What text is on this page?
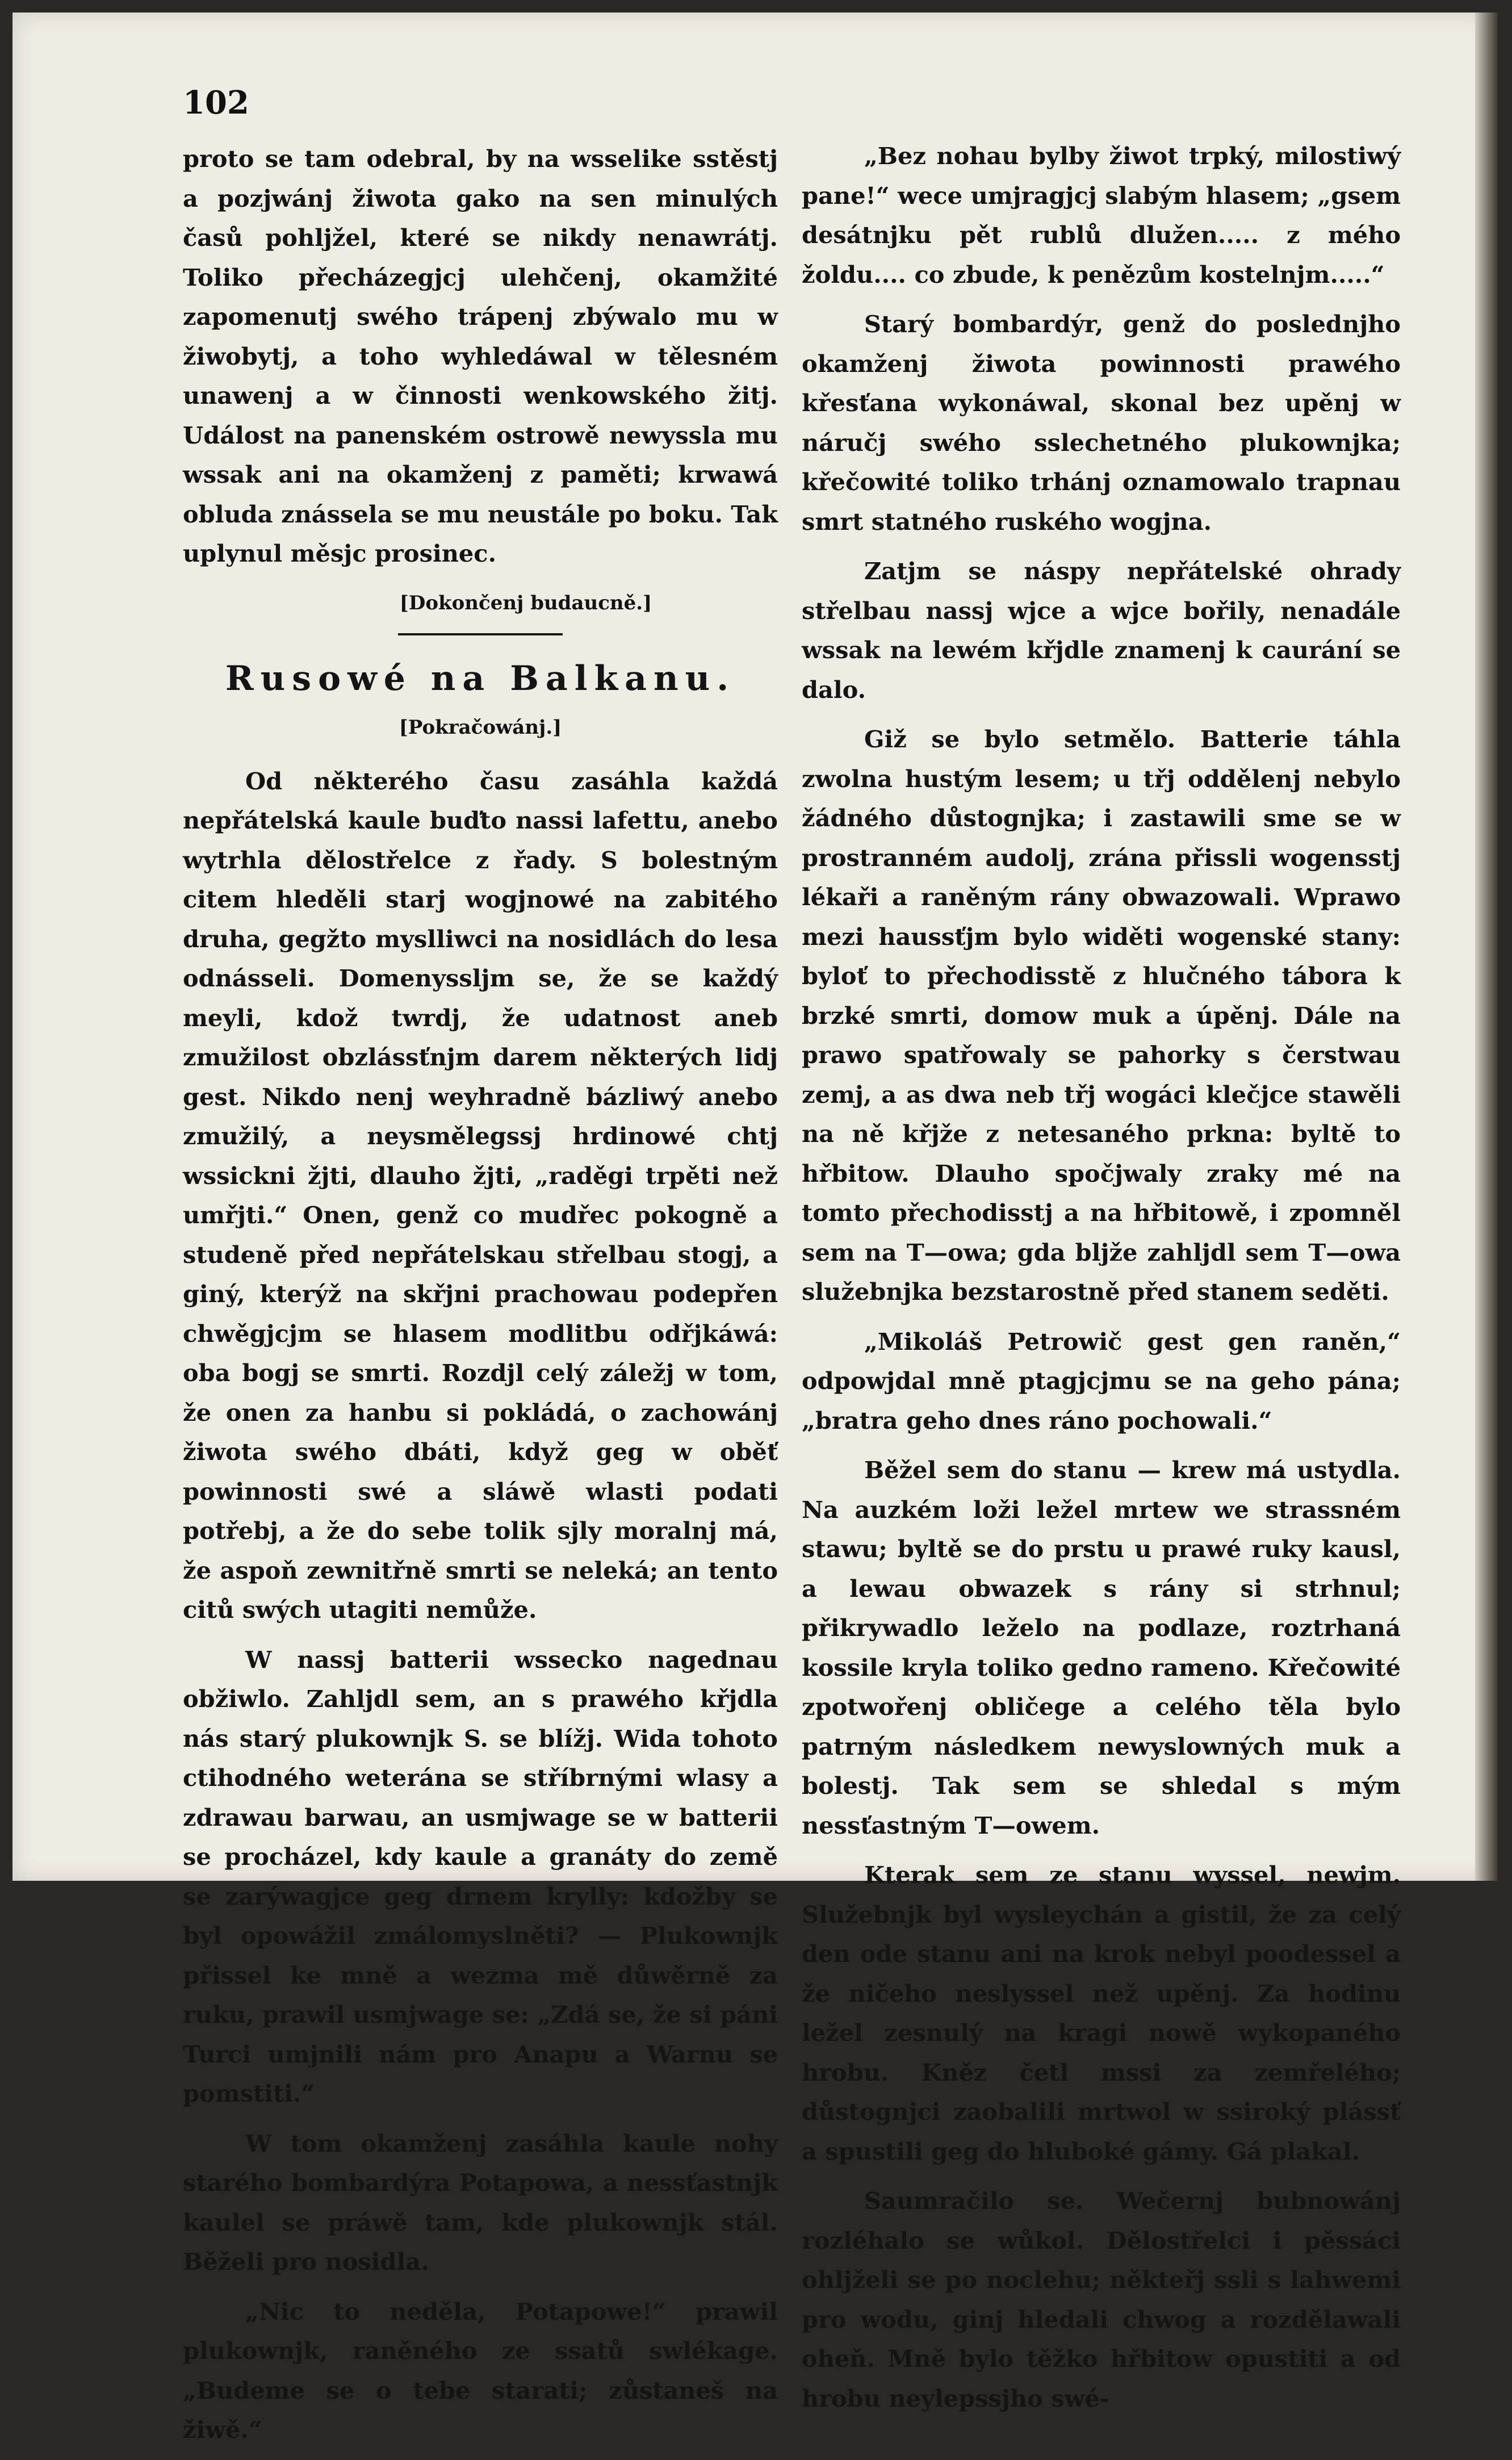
102

proto se tam odebral, by na wsselike sstěstj a pozjwánj žiwota gako na sen minulých časů pohljžel, které se nikdy nenawrátj. Toliko přecházegjcj ulehčenj, okamžité zapomenutj swého trápenj zbýwalo mu w žiwobytj, a toho wyhledáwal w tělesném unawenj a w činnosti wenkowského žitj. Událost na panenském ostrowě newyssla mu wssak ani na okamženj z paměti; krwawá obluda znássela se mu neustále po boku. Tak uplynul měsjc prosinec.

[Dokončenj budaucně.]
Rusowé na Balkanu.
[Pokračowánj.]

Od některého času zasáhla každá nepřátelská kaule buďto nassi lafettu, anebo wytrhla dělostřelce z řady. S bolestným citem hleděli starj wogjnowé na zabitého druha, gegžto myslliwci na nosidlách do lesa odnásseli. Domenyssljm se, že se každý meyli, kdož twrdj, že udatnost aneb zmužilost obzlássťnjm darem některých lidj gest. Nikdo nenj weyhradně bázliwý anebo zmužilý, a neysmělegssj hrdinowé chtj wssickni žjti, dlauho žjti, „raděgi trpěti než umřjti.“ Onen, genž co mudřec pokogně a studeně před nepřátelskau střelbau stogj, a giný, kterýž na skřjni prachowau podepřen chwěgjcjm se hlasem modlitbu odřjkáwá: oba bogj se smrti. Rozdjl celý záležj w tom, že onen za hanbu si pokládá, o zachowánj žiwota swého dbáti, když geg w oběť powinnosti swé a sláwě wlasti podati potřebj, a že do sebe tolik sjly moralnj má, že aspoň zewnitřně smrti se neleká; an tento citů swých utagiti nemůže.

W nassj batterii wssecko nagednau obžiwlo. Zahljdl sem, an s prawého křjdla nás starý plukownjk S. se blížj. Wida tohoto ctihodného weterána se stříbrnými wlasy a zdrawau barwau, an usmjwage se w batterii se procházel, kdy kaule a granáty do země se zarýwagjce geg drnem krylly: kdožby se byl opowážil zmálomyslněti? — Plukownjk přissel ke mně a wezma mě důwěrně za ruku, prawil usmjwage se: „Zdá se, že si páni Turci umjnili nám pro Anapu a Warnu se pomstiti.“

W tom okamženj zasáhla kaule nohy starého bombardýra Potapowa, a nessťastnjk kaulel se práwě tam, kde plukownjk stál. Běželi pro nosidla.

„Nic to neděla, Potapowe!“ prawil plukownjk, raněného ze ssatů swlékage. „Budeme se o tebe starati; zůstaneš na žiwě.“

„Bez nohau bylby žiwot trpký, milostiwý pane!“ wece umjragjcj slabým hlasem; „gsem desátnjku pět rublů dlužen..... z mého žoldu.... co zbude, k penězům kostelnjm.....“

Starý bombardýr, genž do poslednjho okamženj žiwota powinnosti prawého křesťana wykonáwal, skonal bez upěnj w náručj swého sslechetného plukownjka; křečowité toliko trhánj oznamowalo trapnau smrt statného ruského wogjna.

Zatjm se náspy nepřátelské ohrady střelbau nassj wjce a wjce bořily, nenadále wssak na lewém křjdle znamenj k caurání se dalo.

Giž se bylo setmělo. Batterie táhla zwolna hustým lesem; u třj oddělenj nebylo žádného důstognjka; i zastawili sme se w prostranném audolj, zrána přissli wogensstj lékaři a raněným rány obwazowali. Wprawo mezi haussťjm bylo widěti wogenské stany: byloť to přechodisstě z hlučného tábora k brzké smrti, domow muk a úpěnj. Dále na prawo spatřowaly se pahorky s čerstwau zemj, a as dwa neb třj wogáci klečjce stawěli na ně křjže z netesaného prkna: byltě to hřbitow. Dlauho spočjwaly zraky mé na tomto přechodisstj a na hřbitowě, i zpomněl sem na T—owa; gda bljže zahljdl sem T—owa služebnjka bezstarostně před stanem seděti.

„Mikoláš Petrowič gest gen raněn,“ odpowjdal mně ptagjcjmu se na geho pána; „bratra geho dnes ráno pochowali.“

Běžel sem do stanu — krew má ustydla. Na auzkém loži ležel mrtew we strassném stawu; byltě se do prstu u prawé ruky kausl, a lewau obwazek s rány si strhnul; přikrywadlo leželo na podlaze, roztrhaná kossile kryla toliko gedno rameno. Křečowité zpotwořenj obličege a celého těla bylo patrným následkem newyslowných muk a bolestj. Tak sem se shledal s mým nessťastným T—owem.

Kterak sem ze stanu wyssel, newjm. Služebnjk byl wysleychán a gistil, že za celý den ode stanu ani na krok nebyl poodessel a že ničeho neslyssel než upěnj. Za hodinu ležel zesnulý na kragi nowě wykopaného hrobu. Kněz četl mssi za zemřelého; důstognjci zaobalili mrtwol w ssiroký plássť a spustili geg do hluboké gámy. Gá plakal.

Saumračilo se. Wečernj bubnowánj rozléhalo se wůkol. Dělostřelci i pěssáci ohljželi se po noclehu; někteřj ssli s lahwemi pro wodu, ginj hledali chwog a rozdělawali oheň. Mně bylo těžko hřbitow opustiti a od hrobu neylepssjho swé-
